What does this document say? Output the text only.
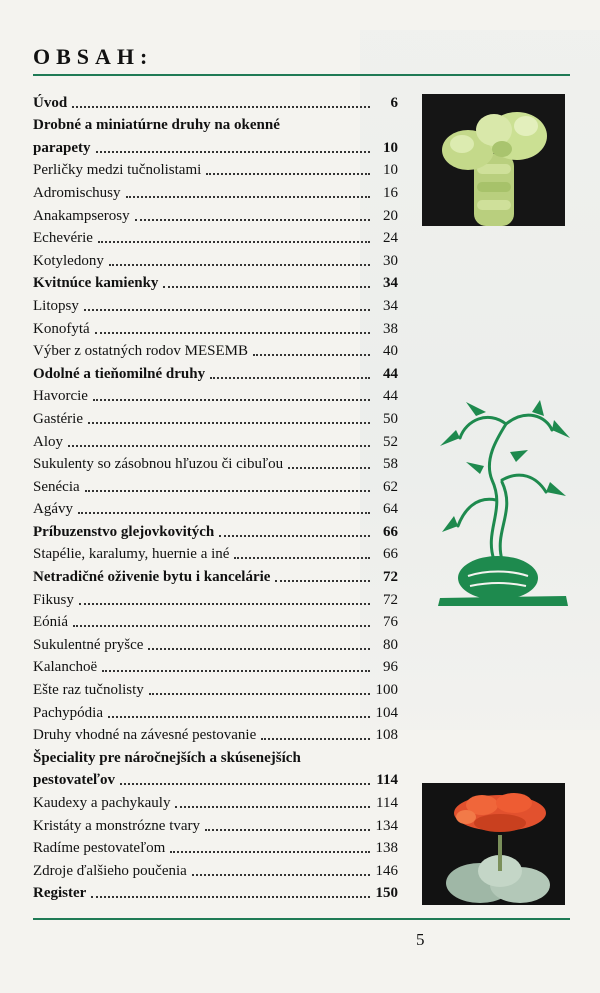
OBSAH:
Úvod	6
Drobné a miniatúrne druhy na okenné
parapety	10
Perličky medzi tučnolistami	10
Adromischusy	16
Anakampserosy	20
Echevérie	24
Kotyledony	30
Kvitnúce kamienky	34
Litopsy	34
Konofytá	38
Výber z ostatných rodov MESEMB	40
Odolné a tieňomilné druhy	44
Havorcie	44
Gastérie	50
Aloy	52
Sukulenty so zásobnou hľuzou či cibuľou	58
Senécia	62
Agávy	64
Príbuzenstvo glejovkovitých	66
Stapélie, karalumy, huernie a iné	66
Netradičné oživenie bytu i kancelárie	72
Fikusy	72
Eóniá	76
Sukulentné pryšce	80
Kalanchoë	96
Ešte raz tučnolisty	100
Pachypódia	104
Druhy vhodné na závesné pestovanie	108
Špeciality pre náročnejších a skúsenejších
pestovateľov	114
Kaudexy a pachykauly	114
Kristáty a monstrózne tvary	134
Radíme pestovateľom	138
Zdroje ďalšieho poučenia	146
Register	150
5
